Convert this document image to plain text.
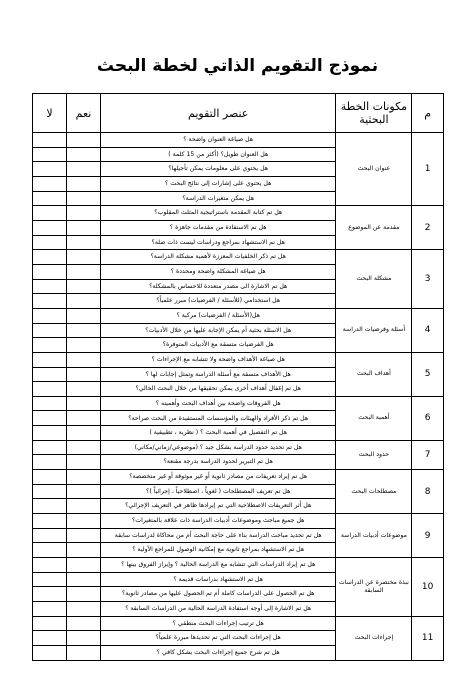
نموذج التقويم الذاتي لخطة البحث
م	مكونات الخطة البحثية	عنصر التقويم	نعم	لا
1	عنوان البحث	هل صياغة العنوان واضحة ؟		
		هل العنوان طويل؟ (أكثر من 15 كلمة )		
		هل يحتوي على معلومات يمكن تأجيلها؟		
		هل يحتوي على إشارات إلى نتائج البحث ؟		
		هل يمكن متغيرات الدراسة؟		
2	مقدمة عن الموضوع	هل تم كتابة المقدمة باستراتيجية المثلث المقلوب؟		
		هل تم الاستفادة من مقدمات جاهزة ؟		
		هل تم الاستشهاد بمراجع ودراسات ليست ذات صلة؟		
3	مشكلة البحث	هل تم ذكر الخلفيات المعززة لأهمية مشكلة الدراسة؟		
		هل صياغة المشكلة واضحة ومحددة ؟		
		هل تم الاشارة الى مصدر متعددة للاحساس بالمشكلة؟		
		هل استخدامي (للأسئلة / الفرضيات) مبرر علمياً؟		
4	أسئلة وفرضيات الدراسة	هل(الأسئلة / الفرضيات) مركبة ؟		
		هل الاسئلة بحثية أم يمكن الإجابة عليها من خلال الأدبيات؟		
		هل الفرضيات متسقة مع الأدبيات المتوفرة؟		
5	أهداف البحث	هل صياغة الأهداف واضحة ولا تتشابه مع الإجراءات ؟		
		هل الأهداف متسقة مع أسئلة الدراسة وتمثل إجابات لها ؟		
		هل تم إغفال أهداف أخرى يمكن تحقيقها من خلال البحث الحالي؟		
6	أهمية البحث	هل الفروقات واضحة بين أهداف البحث وأهميته ؟		
		هل تم ذكر الأفراد والهيئات والمؤسسات المستفيدة من البحث صراحة؟		
		هل تم التفصيل في أهمية البحث ؟ ( نظرية ، تطبيقية )		
7	حدود البحث	هل تم تحديد حدود الدراسة بشكل جيد ؟ (موضوعي/زماني/مكاني)		
		هل تم التبرير لحدود الدراسة بدرجة مقنعة؟		
8	مصطلحات البحث	هل تم إيراد تعريفات من مصادر ثانوية أو غير موثوقة أو غير متخصصة؟		
		هل تم تعريف المصطلحات ( لغوياً ، اصطلاحياً ، إجرائياً )؟		
		هل أثر التعريفات الاصطلاحية التي تم إيرادها ظاهر في التعريف الإجرائي؟		
9	موضوعات أدبيات الدراسة	هل جميع مباحث وموضوعات أدبيات الدراسة ذات علاقة بالمتغيرات؟		
		هل تم تحديد مباحث الدراسة بناء على حاجة البحث أم من محاكاة لدراسات سابقة		
		هل تم الاستشهاد بمراجع ثانوية مع إمكانية الوصول للمراجع الأولية ؟		
10	نبذة مختصرة عن الدراسات السابقة	هل تم إيراد الدراسات التي تتشابه مع الدراسة الحالية ؟ وإبراز الفروق بينها ؟		
		هل تم الاستشهاد بدراسات قديمة ؟		
		هل تم الحصول على الدراسات كاملة أم تم الحصول عليها من مصادر ثانوية؟		
		هل تم الاشارة إلى أوجه استفادة الدراسة الحالية من الدراسات السابقة ؟		
11	إجراءات البحث	هل ترتيب إجراءات البحث منطقي ؟		
		هل إجراءات البحث التي تم تحديدها مبررة علمياً؟		
		هل تم شرح جميع إجراءات البحث بشكل كافي ؟		
